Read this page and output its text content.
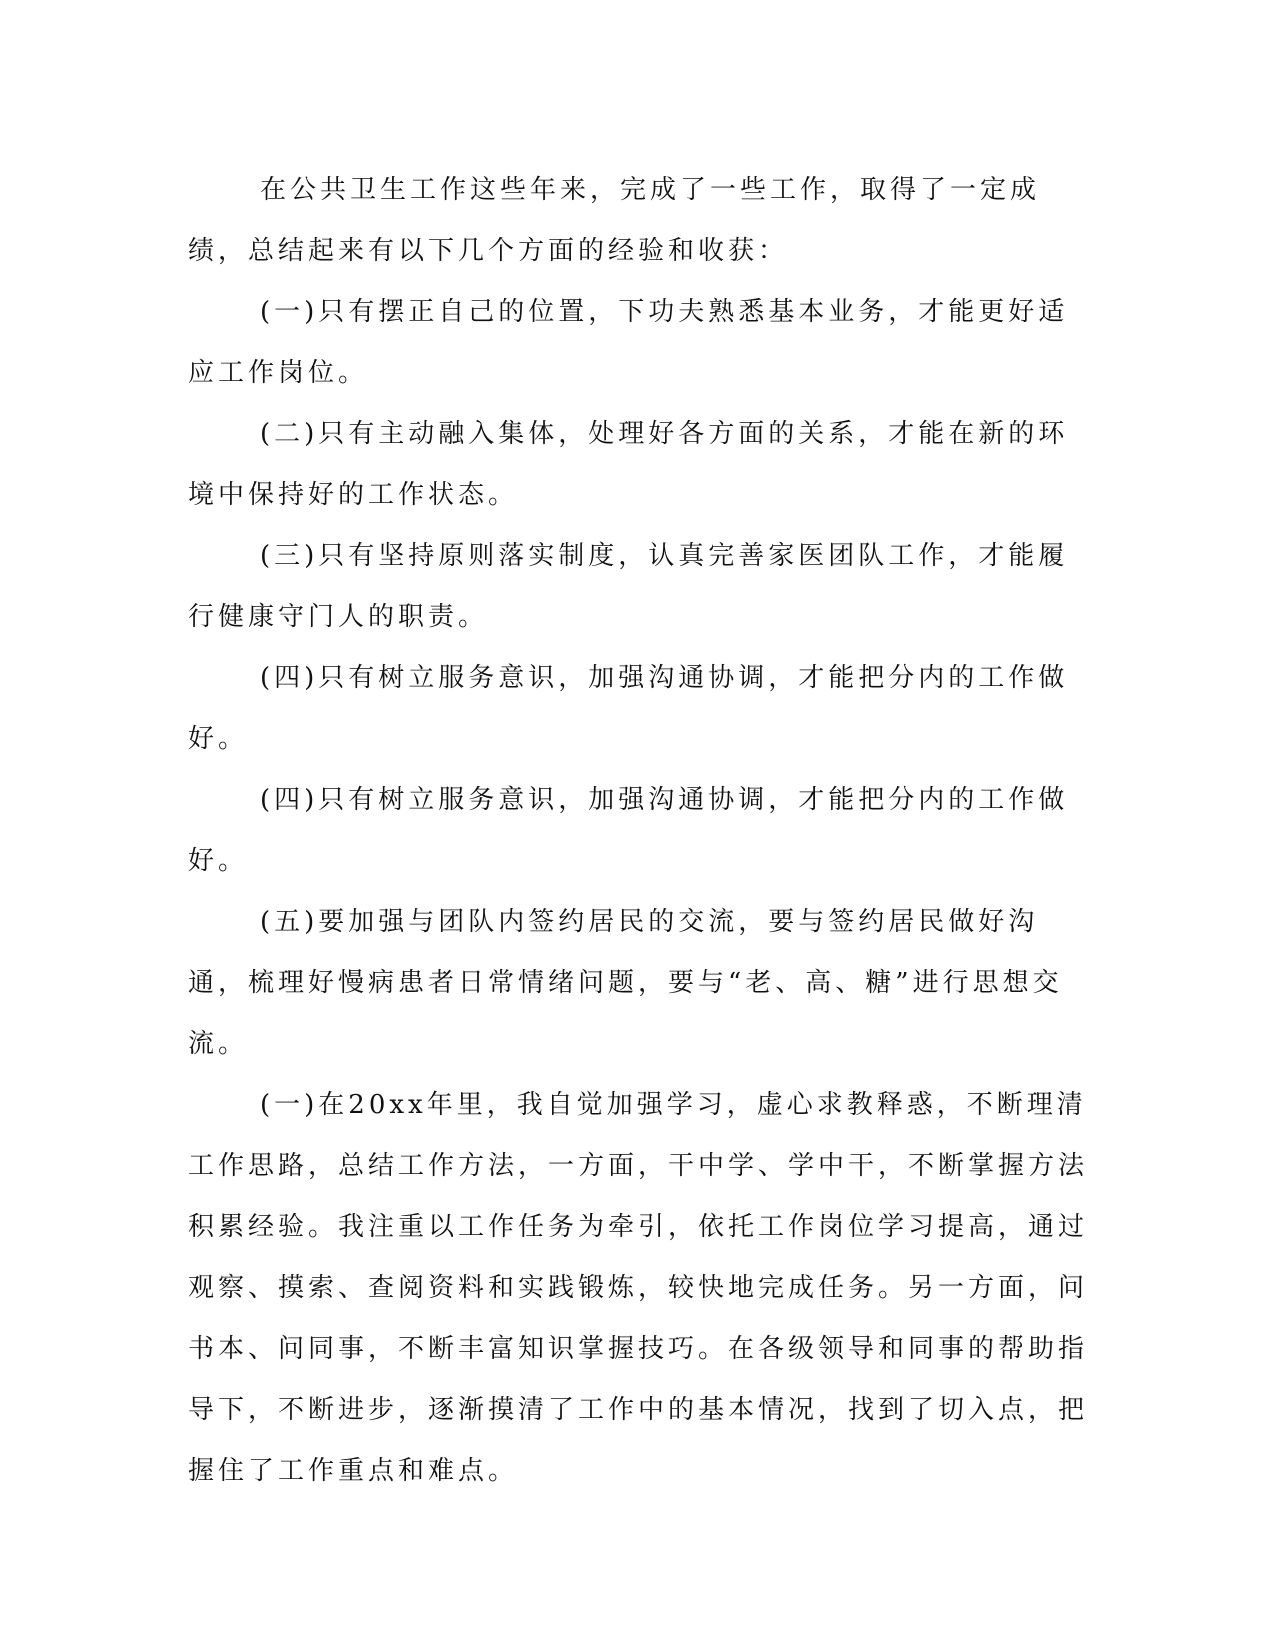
在公共卫生工作这些年来，完成了一些工作，取得了一定成绩，总结起来有以下几个方面的经验和收获：

(一)只有摆正自己的位置，下功夫熟悉基本业务，才能更好适应工作岗位。

(二)只有主动融入集体，处理好各方面的关系，才能在新的环境中保持好的工作状态。

(三)只有坚持原则落实制度，认真完善家医团队工作，才能履行健康守门人的职责。

(四)只有树立服务意识，加强沟通协调，才能把分内的工作做好。

(四)只有树立服务意识，加强沟通协调，才能把分内的工作做好。

(五)要加强与团队内签约居民的交流，要与签约居民做好沟通，梳理好慢病患者日常情绪问题，要与“老、高、糖”进行思想交流。

(一)在20xx年里，我自觉加强学习，虚心求教释惑，不断理清工作思路，总结工作方法，一方面，干中学、学中干，不断掌握方法积累经验。我注重以工作任务为牵引，依托工作岗位学习提高，通过观察、摸索、查阅资料和实践锻炼，较快地完成任务。另一方面，问书本、问同事，不断丰富知识掌握技巧。在各级领导和同事的帮助指导下，不断进步，逐渐摸清了工作中的基本情况，找到了切入点，把握住了工作重点和难点。
